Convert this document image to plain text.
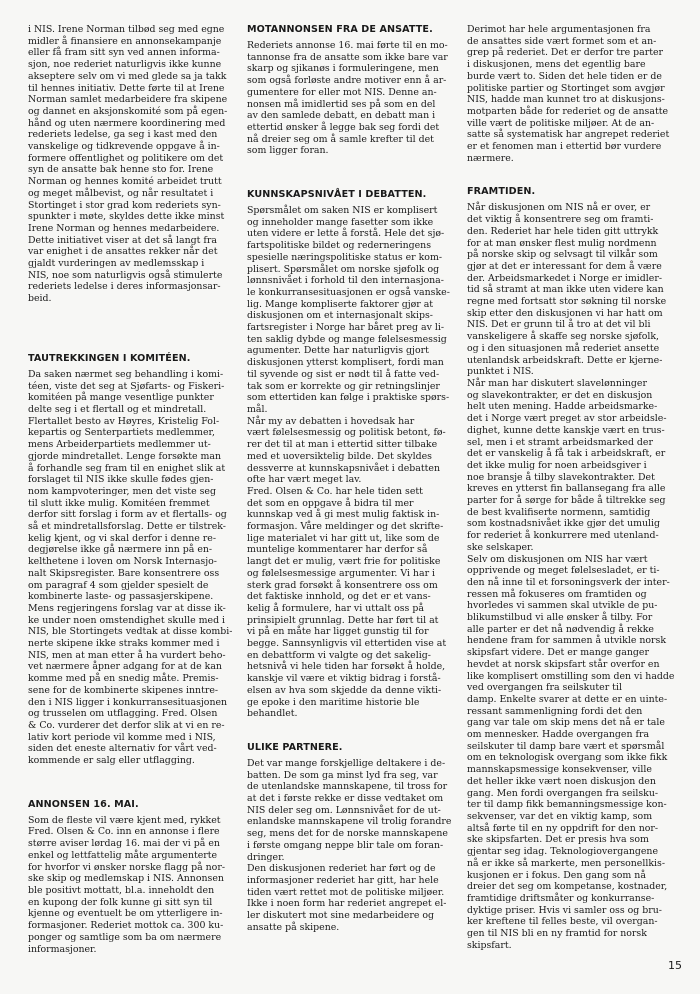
i NIS. Irene Norman tilbød seg med egne
midler å finansiere en annonsekampanje
eller få fram sitt syn ved annen informa-
sjon, noe rederiet naturligvis ikke kunne
akseptere selv om vi med glede sa ja takk
til hennes initiativ. Dette førte til at Irene
Norman samlet medarbeidere fra skipene
og dannet en aksjonskomité som på egen-
hånd og uten nærmere koordinering med
rederiets ledelse, ga seg i kast med den
vanskelige og tidkrevende oppgave å in-
formere offentlighet og politikere om det
syn de ansatte bak henne sto for. Irene
Norman og hennes komité arbeidet trutt
og meget målbevist, og når resultatet i
Stortinget i stor grad kom rederiets syn-
spunkter i møte, skyldes dette ikke minst
Irene Norman og hennes medarbeidere.
Dette initiativet viser at det så langt fra
var enighet i de ansattes rekker når det
gjaldt vurderingen av medlemsskap i
NIS, noe som naturligvis også stimulerte
rederiets ledelse i deres informasjonsar-
beid.

TAUTREKKINGEN I KOMITÉEN.

Da saken nærmet seg behandling i komi-
téen, viste det seg at Sjøfarts- og Fiskeri-
komitéen på mange vesentlige punkter
delte seg i et flertall og et mindretall.
Flertallet besto av Høyres, Kristelig Fol-
kepartis og Senterpartiets medlemmer,
mens Arbeiderpartiets medlemmer ut-
gjorde mindretallet. Lenge forsøkte man
å forhandle seg fram til en enighet slik at
forslaget til NIS ikke skulle fødes gjen-
nom kampvoteringer, men det viste seg
til slutt ikke mulig. Komitéen fremmet
derfor sitt forslag i form av et flertalls- og
så et mindretallsforslag. Dette er tilstrek-
kelig kjent, og vi skal derfor i denne re-
degjørelse ikke gå nærmere inn på en-
kelthetene i loven om Norsk Internasjo-
nalt Skipsregister. Bare konsentrere oss
om paragraf 4 som gjelder spesielt de
kombinerte laste- og passasjerskipene.
Mens regjeringens forslag var at disse ik-
ke under noen omstendighet skulle med i
NIS, ble Stortingets vedtak at disse kombi-
nerte skipene ikke straks kommer med i
NIS, men at man etter å ha vurdert beho-
vet nærmere åpner adgang for at de kan
komme med på en snedig måte. Premis-
sene for de kombinerte skipenes inntre-
den i NIS ligger i konkurransesituasjonen
og trusselen om utflagging. Fred. Olsen
& Co. vurderer det derfor slik at vi en re-
lativ kort periode vil komme med i NIS,
siden det eneste alternativ for vårt ved-
kommende er salg eller utflagging.

ANNONSEN 16. MAI.

Som de fleste vil være kjent med, rykket
Fred. Olsen & Co. inn en annonse i flere
større aviser lørdag 16. mai der vi på en
enkel og lettfattelig måte argumenterte
for hvorfor vi ønsker norske flagg på nor-
ske skip og medlemskap i NIS. Annonsen
ble positivt mottatt, bl.a. inneholdt den
en kupong der folk kunne gi sitt syn til
kjenne og eventuelt be om ytterligere in-
formasjoner. Rederiet mottok ca. 300 ku-
ponger og samtlige som ba om nærmere
informasjoner.

MOTANNONSEN FRA DE ANSATTE.

Rederiets annonse 16. mai førte til en mo-
tannonse fra de ansatte som ikke bare var
skarp og sjikanøs i formuleringene, men
som også forløste andre motiver enn å ar-
gumentere for eller mot NIS. Denne an-
nonsen må imidlertid ses på som en del
av den samlede debatt, en debatt man i
ettertid ønsker å legge bak seg fordi det
nå dreier seg om å samle krefter til det
som ligger foran.

KUNNSKAPSNIVÅET I DEBATTEN.

Spørsmålet om saken NIS er komplisert
og inneholder mange fasetter som ikke
uten videre er lette å forstå. Hele det sjø-
fartspolitiske bildet og rederneringens
spesielle næringspolitiske status er kom-
plisert. Spørsmålet om norske sjøfolk og
lønnsnivået i forhold til den internasjona-
le konkurransesituasjonen er også vanske-
lig. Mange kompliserte faktorer gjør at
diskusjonen om et internasjonalt skips-
fartsregister i Norge har båret preg av li-
ten saklig dybde og mange følelsesmessig
agumenter. Dette har naturligvis gjort
diskusjonen ytterst komplisert, fordi man
til syvende og sist er nødt til å fatte ved-
tak som er korrekte og gir retningslinjer
som ettertiden kan følge i praktiske spørs-
mål.
Når my av debatten i hovedsak har
vært følelsesmessig og politisk betont, fø-
rer det til at man i ettertid sitter tilbake
med et uoversiktelig bilde. Det skyldes
dessverre at kunnskapsnivået i debatten
ofte har vært meget lav.
Fred. Olsen & Co. har hele tiden sett
det som en oppgave å bidra til mer
kunnskap ved å gi mest mulig faktisk in-
formasjon. Våre meldinger og det skrifte-
lige materialet vi har gitt ut, like som de
muntelige kommentarer har derfor så
langt det er mulig, vært frie for politiske
og følelsesmessige argumenter. Vi har i
sterk grad forsøkt å konsentrere oss om
det faktiske innhold, og det er et vans-
kelig å formulere, har vi uttalt oss på
prinsipielt grunnlag. Dette har ført til at
vi på en måte har ligget gunstig til for
begge. Sannsynligvis vil ettertiden vise at
en debattform vi valgte og det sakelig-
hetsnivå vi hele tiden har forsøkt å holde,
kanskje vil være et viktig bidrag i forstå-
elsen av hva som skjedde da denne vikti-
ge epoke i den maritime historie ble
behandlet.

ULIKE PARTNERE.

Det var mange forskjellige deltakere i de-
batten. De som ga minst lyd fra seg, var
de utenlandske mannskapene, til tross for
at det i første rekke er disse vedtaket om
NIS deler seg om. Lønnsnivået for de ut-
enlandske mannskapene vil trolig forandre
seg, mens det for de norske mannskapene
i første omgang neppe blir tale om foran-
dringer.
Den diskusjonen rederiet har ført og de
informasjoner rederiet har gitt, har hele
tiden vært rettet mot de politiske miljøer.
Ikke i noen form har rederiet angrepet el-
ler diskutert mot sine medarbeidere og
ansatte på skipene.

Derimot har hele argumentasjonen fra
de ansattes side vært formet som et an-
grep på rederiet. Det er derfor tre parter
i diskusjonen, mens det egentlig bare
burde vært to. Siden det hele tiden er de
politiske partier og Stortinget som avgjør
NIS, hadde man kunnet tro at diskusjons-
motparten både for rederiet og de ansatte
ville vært de politiske miljøer. At de an-
satte så systematisk har angrepet rederiet
er et fenomen man i ettertid bør vurdere
nærmere.

FRAMTIDEN.

Når diskusjonen om NIS nå er over, er
det viktig å konsentrere seg om framti-
den. Rederiet har hele tiden gitt uttrykk
for at man ønsker flest mulig nordmenn
på norske skip og selvsagt til vilkår som
gjør at det er interessant for dem å være
der. Arbeidsmarkedet i Norge er imidler-
tid så stramt at man ikke uten videre kan
regne med fortsatt stor søkning til norske
skip etter den diskusjonen vi har hatt om
NIS. Det er grunn til å tro at det vil bli
vanskeligere å skaffe seg norske sjøfolk,
og i den situasjonen må rederiet ansette
utenlandsk arbeidskraft. Dette er kjerne-
punktet i NIS.
Når man har diskutert slavelønninger
og slavekontrakter, er det en diskusjon
helt uten mening. Hadde arbeidsmarke-
det i Norge vært preget av stor arbeidsle-
dighet, kunne dette kanskje vært en trus-
sel, men i et stramt arbeidsmarked der
det er vanskelig å få tak i arbeidskraft, er
det ikke mulig for noen arbeidsgiver i
noe bransje å tilby slavekontrakter. Det
kreves en ytterst fin ballansegang fra alle
parter for å sørge for både å tiltrekke seg
de best kvalifiserte normenn, samtidig
som kostnadsnivået ikke gjør det umulig
for rederiet å konkurrere med utenland-
ske selskaper.
Selv om diskusjonen om NIS har vært
opprivende og meget følelsesladet, er ti-
den nå inne til et forsoningsverk der inter-
ressen må fokuseres om framtiden og
hvorledes vi sammen skal utvikle de pu-
blikumstilbud vi alle ønsker å tilby. For
alle parter er det nå nødvendig å rekke
hendene fram for sammen å utvikle norsk
skipsfart videre. Det er mange ganger
hevdet at norsk skipsfart står overfor en
like komplisert omstilling som den vi hadde
ved overgangen fra seilskuter til
damp. Enkelte svarer at dette er en uinte-
ressant sammenligning fordi det den
gang var tale om skip mens det nå er tale
om mennesker. Hadde overgangen fra
seilskuter til damp bare vært et spørsmål
om en teknologisk overgang som ikke fikk
mannskapsmessige konsekvenser, ville
det heller ikke vært noen diskusjon den
gang. Men fordi overgangen fra seilsku-
ter til damp fikk bemanningsmessige kon-
sekvenser, var det en viktig kamp, som
altså førte til en ny oppdrift for den nor-
ske skipsfarten. Det er presis hva som
gjentar seg idag. Teknologiovergangene
nå er ikke så markerte, men personellkis-
kusjonen er i fokus. Den gang som nå
dreier det seg om kompetanse, kostnader,
framtidige driftsmåter og konkurranse-
dyktige priser. Hvis vi samler oss og bru-
ker kreftene til felles beste, vil overgan-
gen til NIS bli en ny framtid for norsk
skipsfart.

15
